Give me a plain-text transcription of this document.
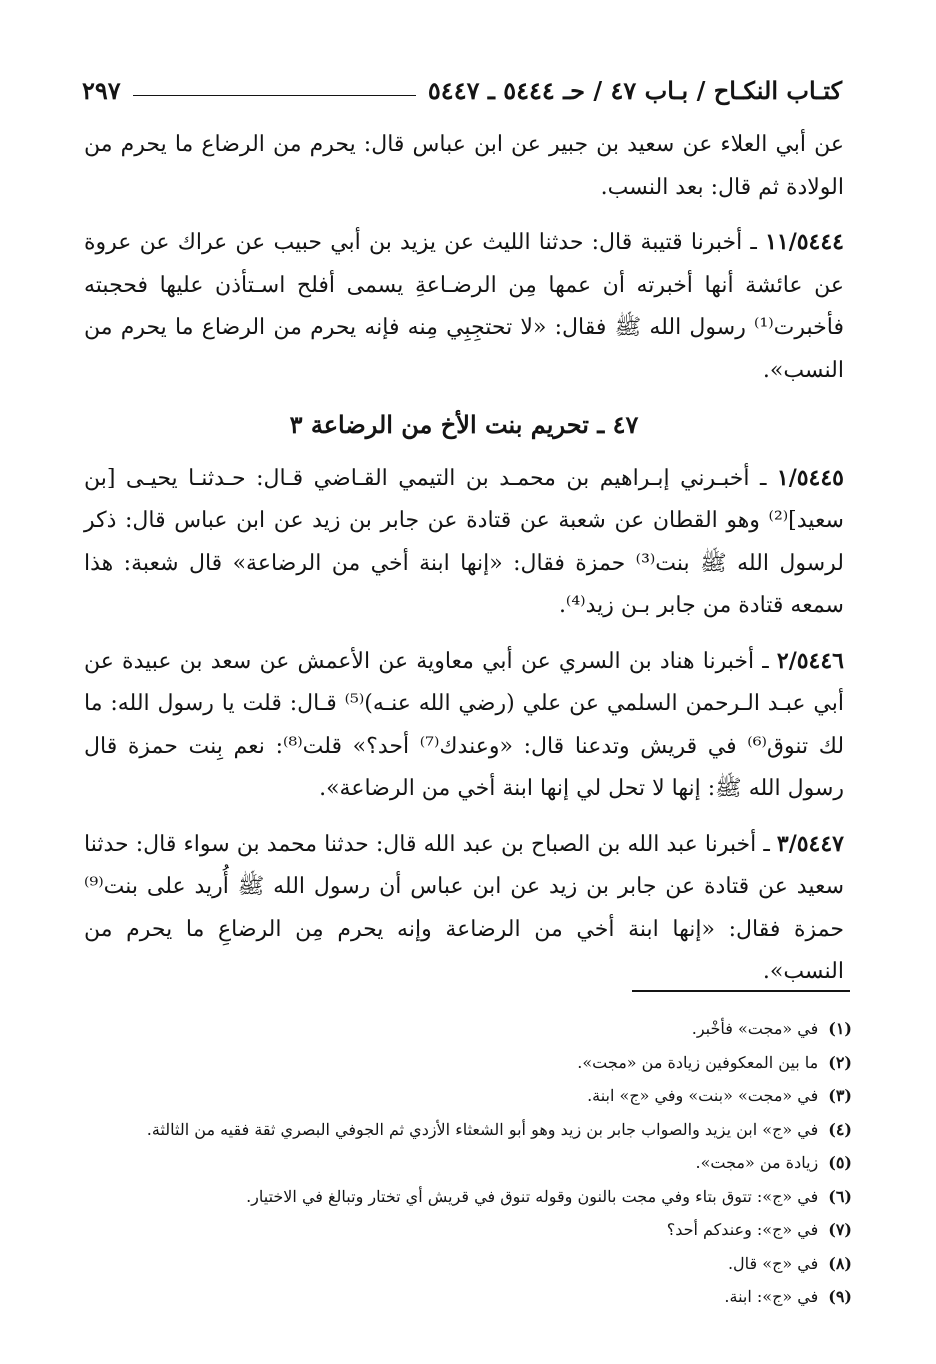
كتـاب النكـاح / بـاب ٤٧ / حـ ٥٤٤٤ ـ ٥٤٤٧
٢٩٧

عن أبي العلاء عن سعيد بن جبير عن ابن عباس قال: يحرم من الرضاع ما يحرم من الولادة ثم قال: بعد النسب.

١١/٥٤٤٤ ـ أخبرنا قتيبة قال: حدثنا الليث عن يزيد بن أبي حبيب عن عراك عن عروة عن عائشة أنها أخبرته أن عمها مِن الرضـاعةِ يسمى أفلح اسـتأذن عليها فحجبته فأخبرت⁽¹⁾ رسول الله ﷺ فقال: «لا تحتجِبِي مِنه فإنه يحرم من الرضاع ما يحرم من النسب».

٤٧ ـ تحريم بنت الأخ من الرضاعة ٣

١/٥٤٤٥ ـ أخبـرني إبـراهيم بن محمـد بن التيمي القـاضي قـال: حـدثنـا يحيـى [بن سعيد]⁽²⁾ وهو القطان عن شعبة عن قتادة عن جابر بن زيد عن ابن عباس قال: ذكر لرسول الله ﷺ بنت⁽³⁾ حمزة فقال: «إنها ابنة أخي من الرضاعة» قال شعبة: هذا سمعه قتادة من جابر بـن زيد⁽⁴⁾.

٢/٥٤٤٦ ـ أخبرنا هناد بن السري عن أبي معاوية عن الأعمش عن سعد بن عبيدة عن أبي عبـد الـرحمن السلمي عن علي (رضي الله عنـه)⁽⁵⁾ قـال: قلت يا رسول الله: ما لك تنوق⁽⁶⁾ في قريش وتدعنا قال: «وعندك⁽⁷⁾ أحد؟» قلت⁽⁸⁾: نعم بِنت حمزة قال رسول الله ﷺ: إنها لا تحل لي إنها ابنة أخي من الرضاعة».

٣/٥٤٤٧ ـ أخبرنا عبد الله بن الصباح بن عبد الله قال: حدثنا محمد بن سواء قال: حدثنا سعيد عن قتادة عن جابر بن زيد عن ابن عباس أن رسول الله ﷺ أُريد على بنت⁽⁹⁾ حمزة فقال: «إنها ابنة أخي من الرضاعة وإنه يحرم مِن الرضاعِ ما يحرم من النسب».

(١)في «مجت» فأخْبر.
(٢)ما بين المعكوفين زيادة من «مجت».
(٣)في «مجت» «بنت» وفي «ج» ابنة.
(٤)في «ج» ابن يزيد والصواب جابر بن زيد وهو أبو الشعثاء الأزدي ثم الجوفي البصري ثقة فقيه من الثالثة.
(٥)زيادة من «مجت».
(٦)في «ج»: تتوق بتاء وفي مجت بالنون وقوله تنوق في قريش أي تختار وتبالغ في الاختيار.
(٧)في «ج»: وعندكم أحد؟
(٨)في «ج» قال.
(٩)في «ج»: ابنة.
